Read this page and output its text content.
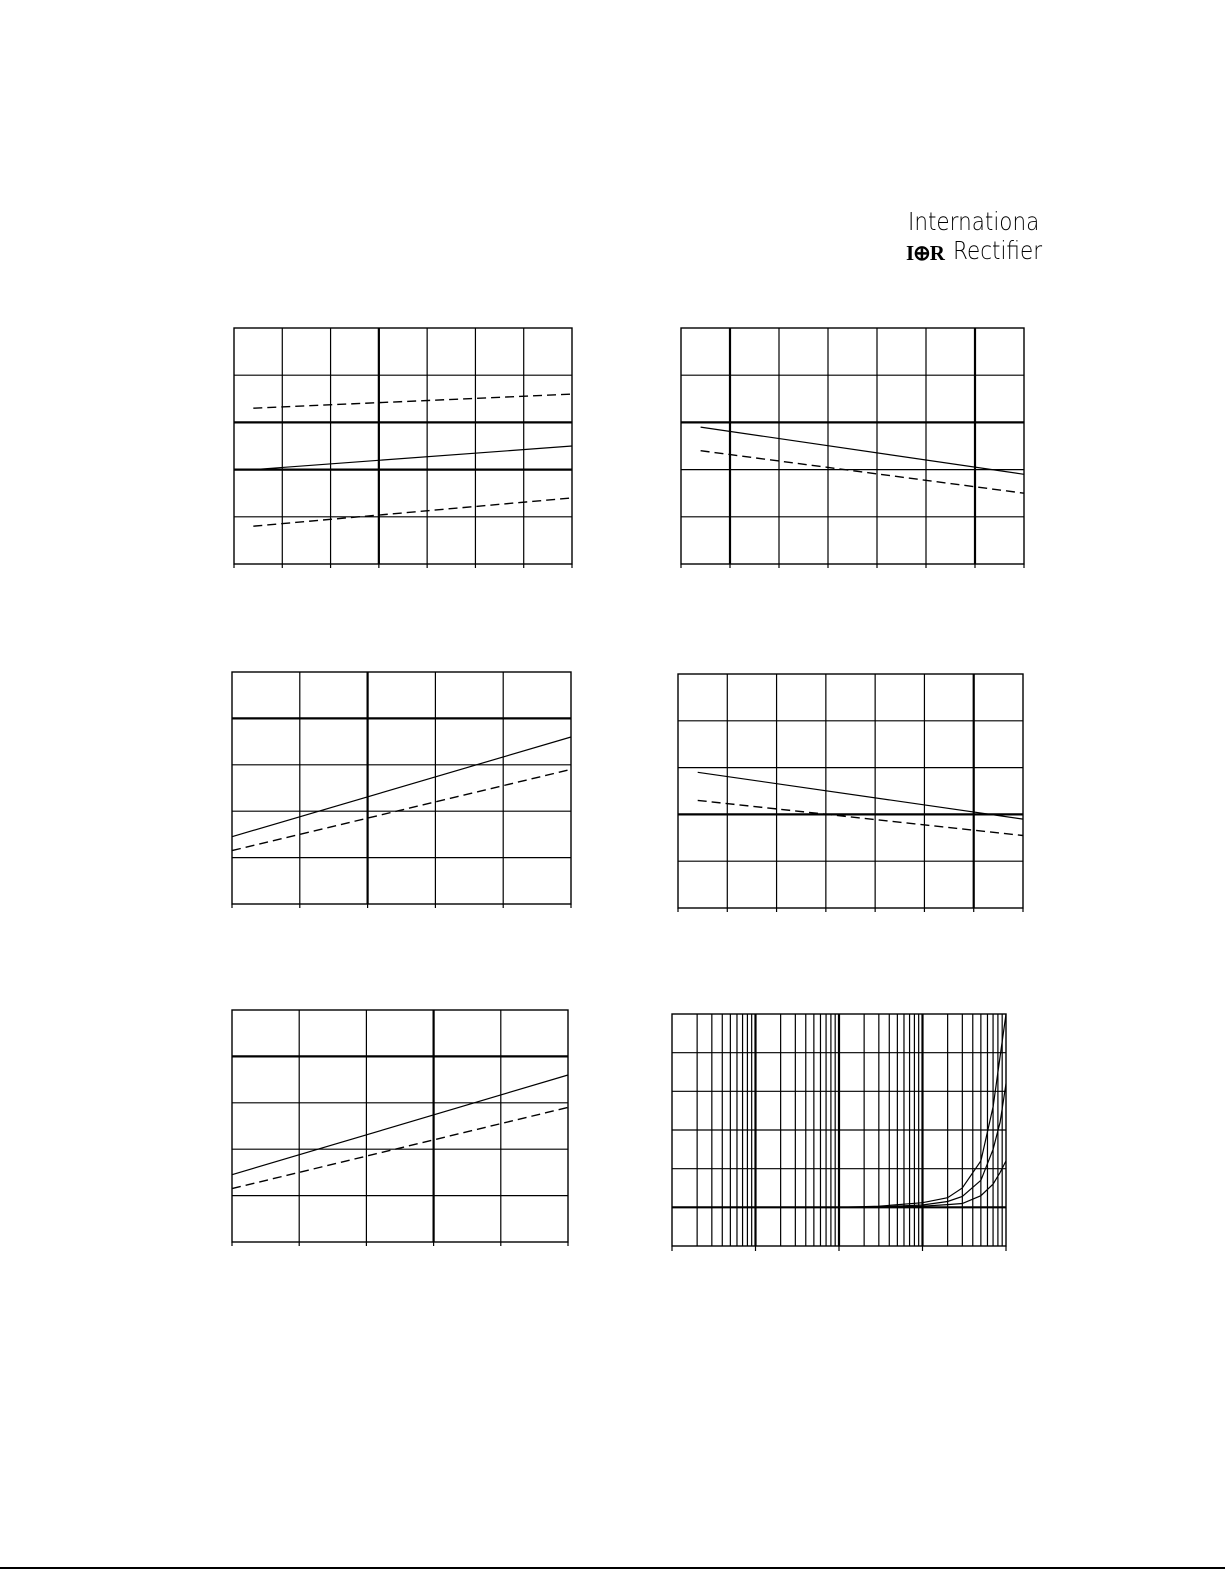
Internationa
I⊕R Rectifier
